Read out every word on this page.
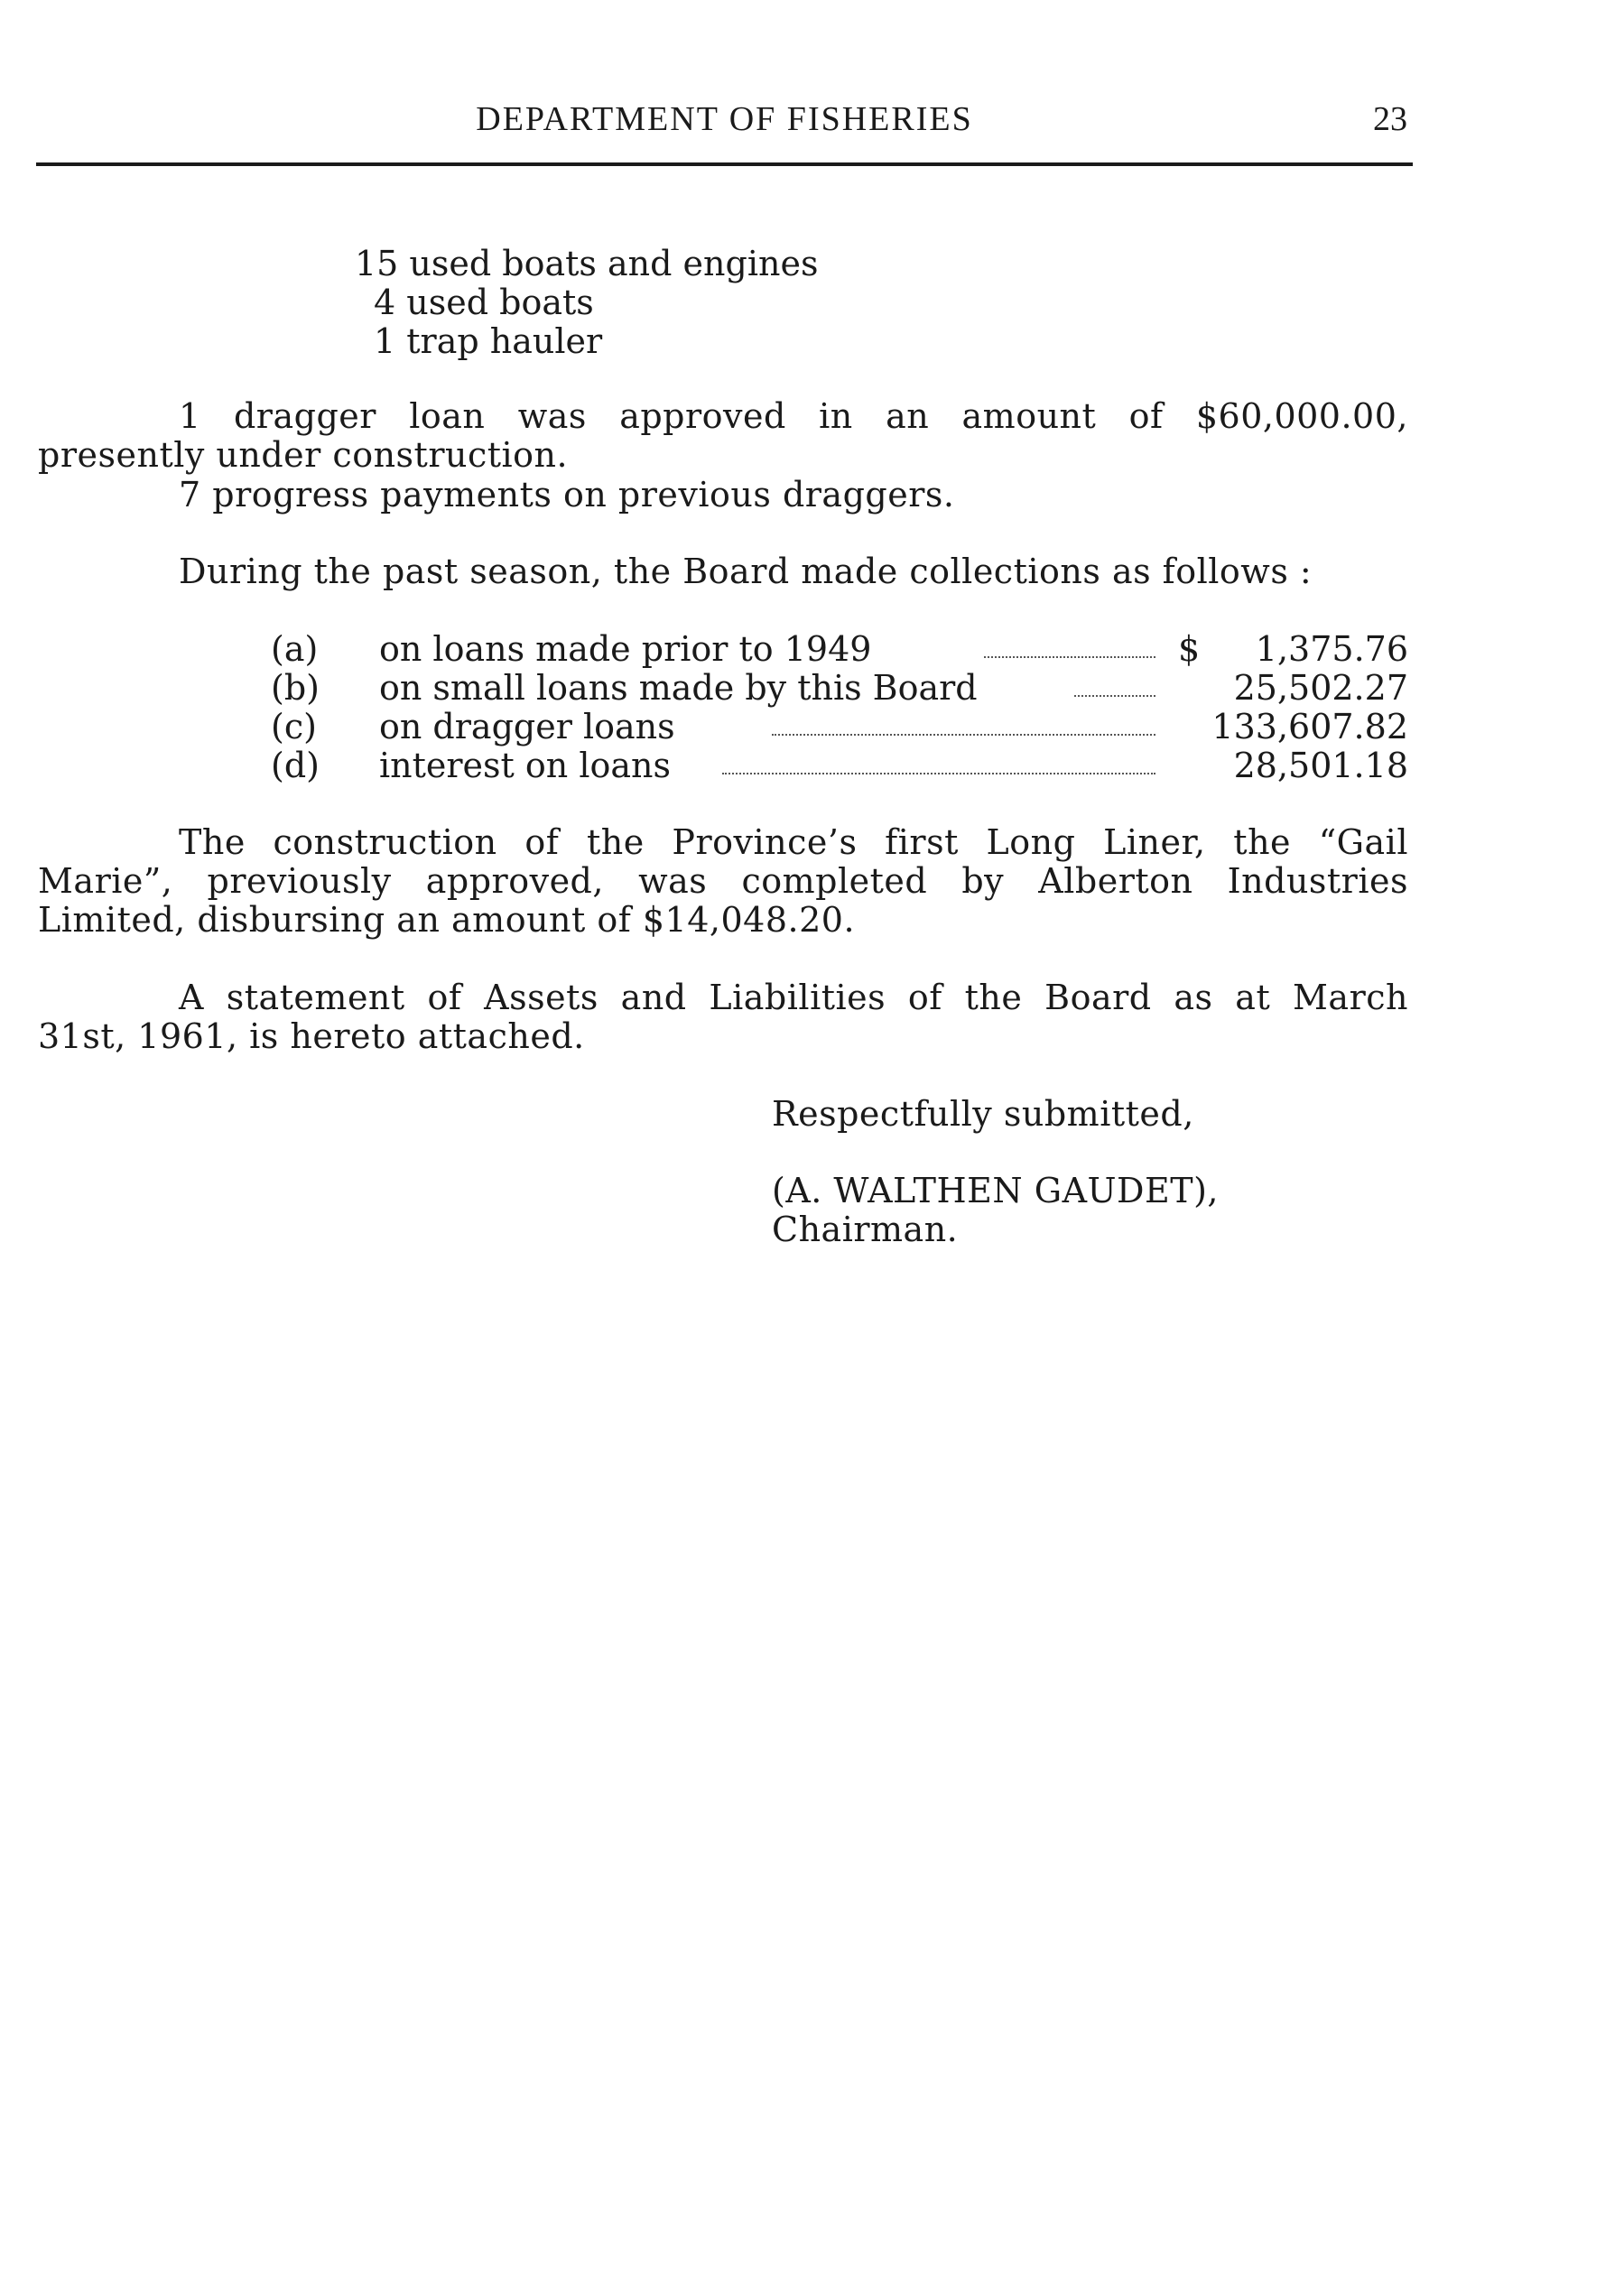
DEPARTMENT OF FISHERIES	23
15 used boats and engines
4 used boats
1 trap hauler
1 dragger loan was approved in an amount of $60,000.00,
presently under construction.
7 progress payments on previous draggers.
During the past season, the Board made collections as follows :
(a)	on loans made prior to 1949	$ 1,375.76
(b)	on small loans made by this Board	25,502.27
(c)	on dragger loans	133,607.82
(d)	interest on loans	28,501.18
The construction of the Province’s first Long Liner, the “Gail
Marie”, previously approved, was completed by Alberton Industries
Limited, disbursing an amount of $14,048.20.
A statement of Assets and Liabilities of the Board as at March
31st, 1961, is hereto attached.
Respectfully submitted,
(A. WALTHEN GAUDET),
Chairman.
